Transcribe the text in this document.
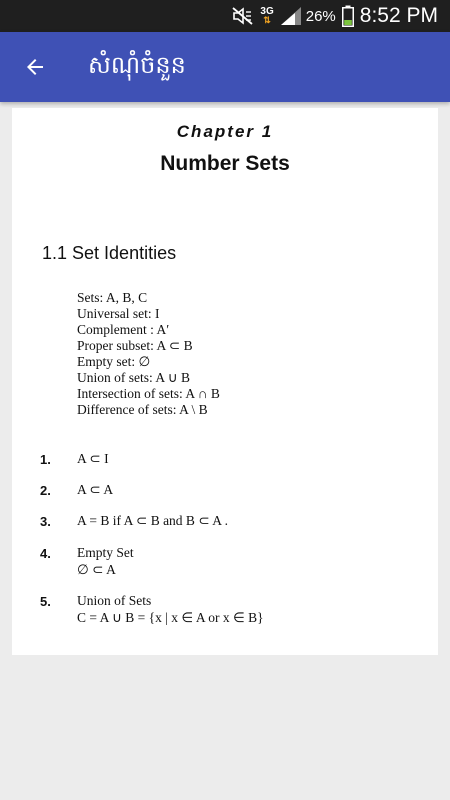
3G
⇅ 26% 8:52 PM
សំណុំចំនួន
Chapter 1
Number Sets
1.1 Set Identities
Sets: A, B, C
Universal set: I
Complement : A′
Proper subset: A ⊂ B
Empty set: ∅
Union of sets: A ∪ B
Intersection of sets: A ∩ B
Difference of sets: A \ B
1. A ⊂ I
2. A ⊂ A
3. A = B if A ⊂ B and B ⊂ A .
4. Empty Set
∅ ⊂ A
5. Union of Sets
C = A ∪ B = {x | x ∈ A or x ∈ B}
